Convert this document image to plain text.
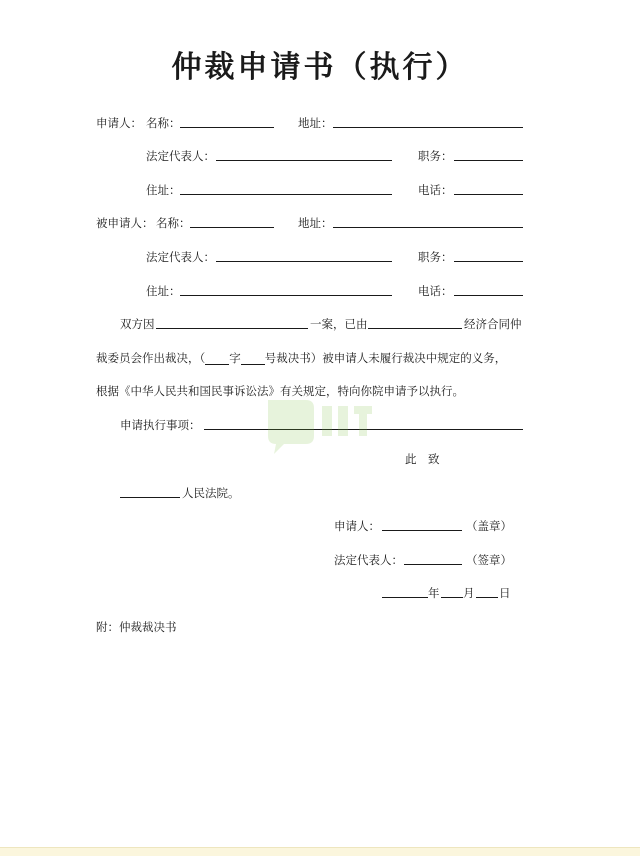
仲裁申请书（执行）
申请人： 名称：	地址：
法定代表人：	职务：
住址：	电话：
被申请人： 名称：	地址：
法定代表人：	职务：
住址：	电话：
双方因	一案，已由	经济合同仲
裁委员会作出裁决，（ 字 号裁决书）被申请人未履行裁决中规定的义务，
根据《中华人民共和国民事诉讼法》有关规定，特向你院申请予以执行。
申请执行事项：
此　致
人民法院。
申请人：	（盖章）
法定代表人：	（签章）
年 月 日
附：仲裁裁决书
